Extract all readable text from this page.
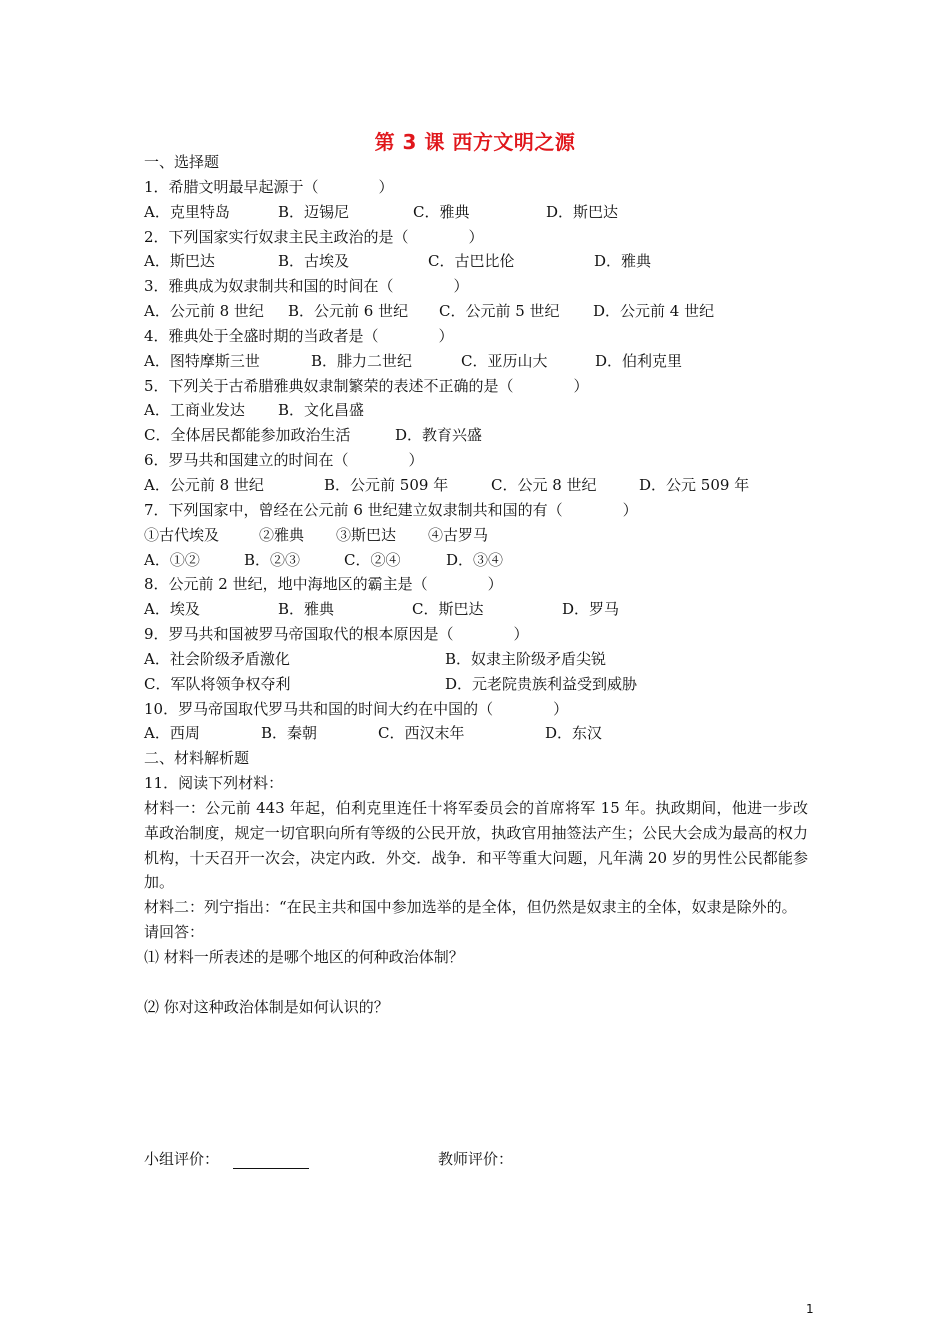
第 3 课 西方文明之源
一、选择题
1．希腊文明最早起源于（　　　　）
A．克里特岛	B．迈锡尼	C．雅典	D．斯巴达
2．下列国家实行奴隶主民主政治的是（　　　　）
A．斯巴达	B．古埃及	C．古巴比伦	D．雅典
3．雅典成为奴隶制共和国的时间在（　　　　）
A．公元前 8 世纪	B．公元前 6 世纪	C．公元前 5 世纪	D．公元前 4 世纪
4．雅典处于全盛时期的当政者是（　　　　）
A．图特摩斯三世	B．腓力二世纪	C．亚历山大	D．伯利克里
5．下列关于古希腊雅典奴隶制繁荣的表述不正确的是（　　　　）
A．工商业发达	B．文化昌盛
C．全体居民都能参加政治生活	D．教育兴盛
6．罗马共和国建立的时间在（　　　　）
A．公元前 8 世纪	B．公元前 509 年	C．公元 8 世纪	D．公元 509 年
7．下列国家中，曾经在公元前 6 世纪建立奴隶制共和国的有（　　　　）
①古代埃及	②雅典	③斯巴达	④古罗马
A．①②	B．②③	C．②④	D．③④
8．公元前 2 世纪，地中海地区的霸主是（　　　　）
A．埃及	B．雅典	C．斯巴达	D．罗马
9．罗马共和国被罗马帝国取代的根本原因是（　　　　）
A．社会阶级矛盾激化	B．奴隶主阶级矛盾尖锐
C．军队将领争权夺利	D．元老院贵族利益受到威胁
10．罗马帝国取代罗马共和国的时间大约在中国的（　　　　）
A．西周	B．秦朝	C．西汉末年	D．东汉
二、材料解析题
11．阅读下列材料：
材料一：公元前 443 年起，伯利克里连任十将军委员会的首席将军 15 年。执政期间，他进一步改革政治制度，规定一切官职向所有等级的公民开放，执政官用抽签法产生；公民大会成为最高的权力机构，十天召开一次会，决定内政．外交．战争．和平等重大问题，凡年满 20 岁的男性公民都能参加。
材料二：列宁指出：“在民主共和国中参加选举的是全体，但仍然是奴隶主的全体，奴隶是除外的。
请回答：
⑴ 材料一所表述的是哪个地区的何种政治体制？
⑵ 你对这种政治体制是如何认识的？
小组评价：	教师评价：
1
